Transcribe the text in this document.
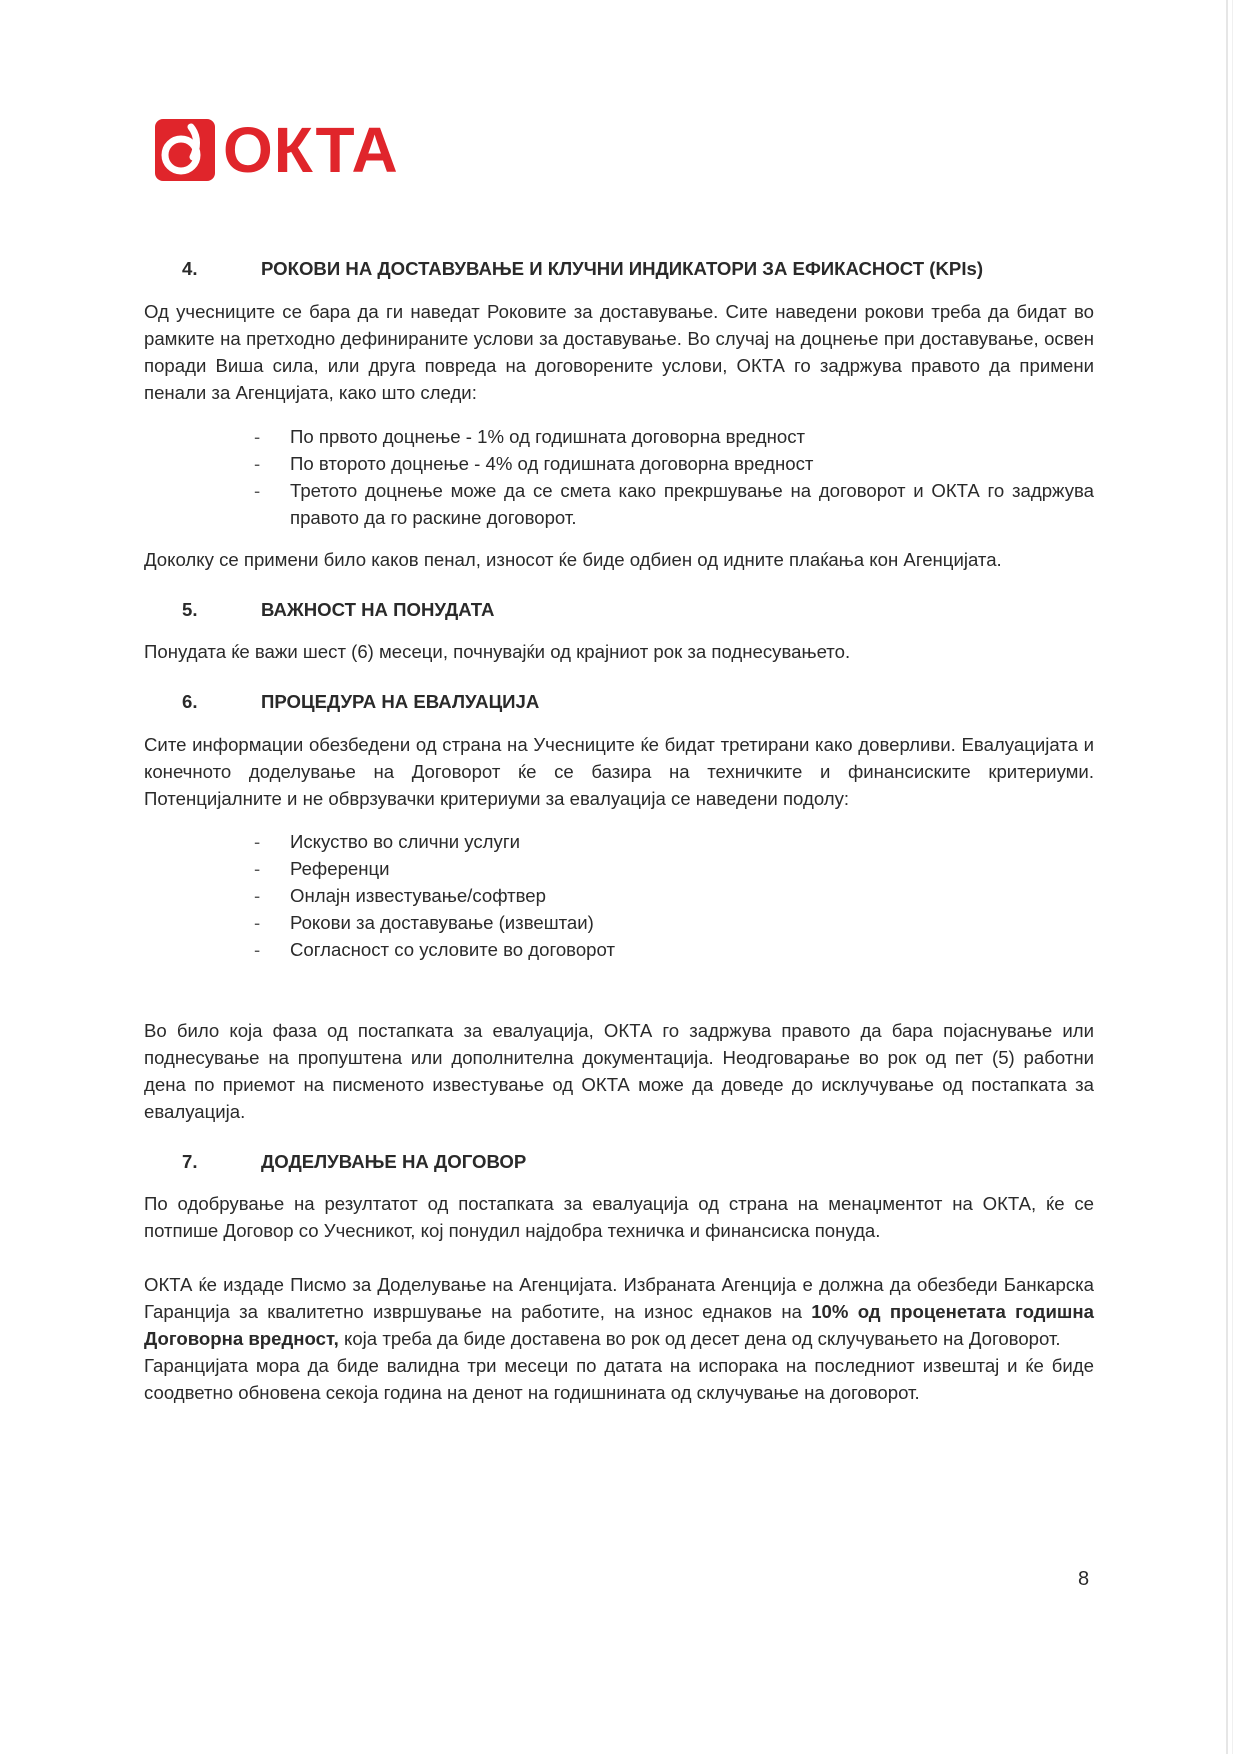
ОКТА
4.	РОКОВИ НА ДОСТАВУВАЊЕ И КЛУЧНИ ИНДИКАТОРИ ЗА ЕФИКАСНОСТ (KPIs)

Од учесниците се бара да ги наведат Роковите за доставување. Сите наведени рокови треба да бидат во рамките на претходно дефинираните услови за доставување. Во случај на доцнење при доставување, освен поради Виша сила, или друга повреда на договорените услови, ОКТА го задржува правото да примени пенали за Агенцијата, како што следи:

- По првото доцнење - 1% од годишната договорна вредност
- По второто доцнење - 4% од годишната договорна вредност
- Третото доцнење може да се смета како прекршување на договорот и ОКТА го задржува правото да го раскине договорот.

Доколку се примени било каков пенал, износот ќе биде одбиен од идните плаќања кон Агенцијата.

5.	ВАЖНОСТ НА ПОНУДАТА

Понудата ќе важи шест (6) месеци, почнувајќи од крајниот рок за поднесувањето.

6.	ПРОЦЕДУРА НА ЕВАЛУАЦИЈА

Сите информации обезбедени од страна на Учесниците ќе бидат третирани како доверливи. Евалуацијата и конечното доделување на Договорот ќе се базира на техничките и финансиските критериуми. Потенцијалните и не обврзувачки критериуми за евалуација се наведени подолу:

- Искуство во слични услуги
- Референци
- Онлајн известување/софтвер
- Рокови за доставување (извештаи)
- Согласност со условите во договорот

Во било која фаза од постапката за евалуација, ОКТА го задржува правото да бара појаснување или поднесување на пропуштена или дополнителна документација. Неодговарање во рок од пет (5) работни дена по приемот на писменото известување од ОКТА може да доведе до исклучување од постапката за евалуација.

7.	ДОДЕЛУВАЊЕ НА ДОГОВОР

По одобрување на резултатот од постапката за евалуација од страна на менаџментот на ОКТА, ќе се потпише Договор со Учесникот, кој понудил најдобра техничка и финансиска понуда.

ОКТА ќе издаде Писмо за Доделување на Агенцијата. Избраната Агенција е должна да обезбеди Банкарска Гаранција за квалитетно извршување на работите, на износ еднаков на 10% од проценетата годишна Договорна вредност, која треба да биде доставена во рок од десет дена од склучувањето на Договорот.

Гаранцијата мора да биде валидна три месеци по датата на испорака на последниот извештај и ќе биде соодветно обновена секоја година на денот на годишнината од склучување на договорот.

8
